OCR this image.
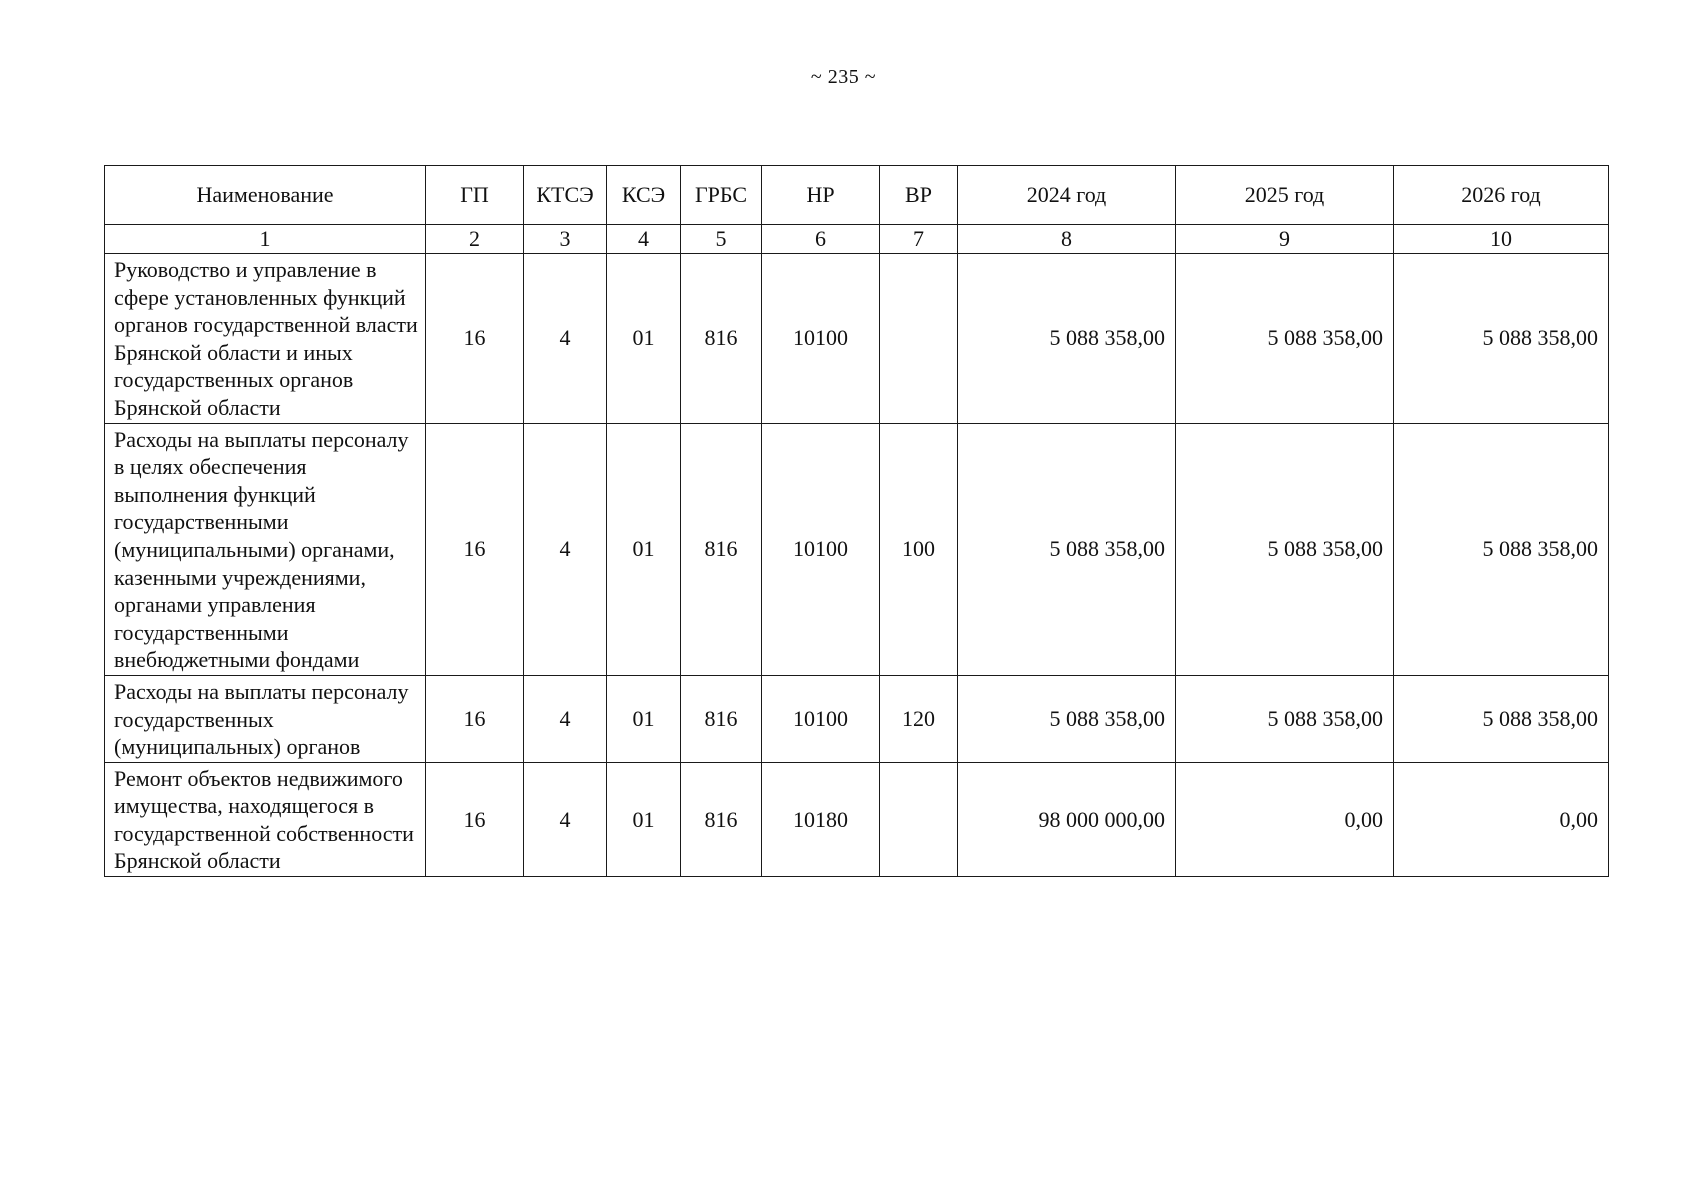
~ 235 ~
Наименование	ГП	КТСЭ	КСЭ	ГРБС	НР	ВР	2024 год	2025 год	2026 год
1	2	3	4	5	6	7	8	9	10
Руководство и управление в сфере установленных функций органов государственной власти Брянской области и иных государственных органов Брянской области	16	4	01	816	10100		5 088 358,00	5 088 358,00	5 088 358,00
Расходы на выплаты персоналу в целях обеспечения выполнения функций государственными (муниципальными) органами, казенными учреждениями, органами управления государственными внебюджетными фондами	16	4	01	816	10100	100	5 088 358,00	5 088 358,00	5 088 358,00
Расходы на выплаты персоналу государственных (муниципальных) органов	16	4	01	816	10100	120	5 088 358,00	5 088 358,00	5 088 358,00
Ремонт объектов недвижимого имущества, находящегося в государственной собственности Брянской области	16	4	01	816	10180		98 000 000,00	0,00	0,00
